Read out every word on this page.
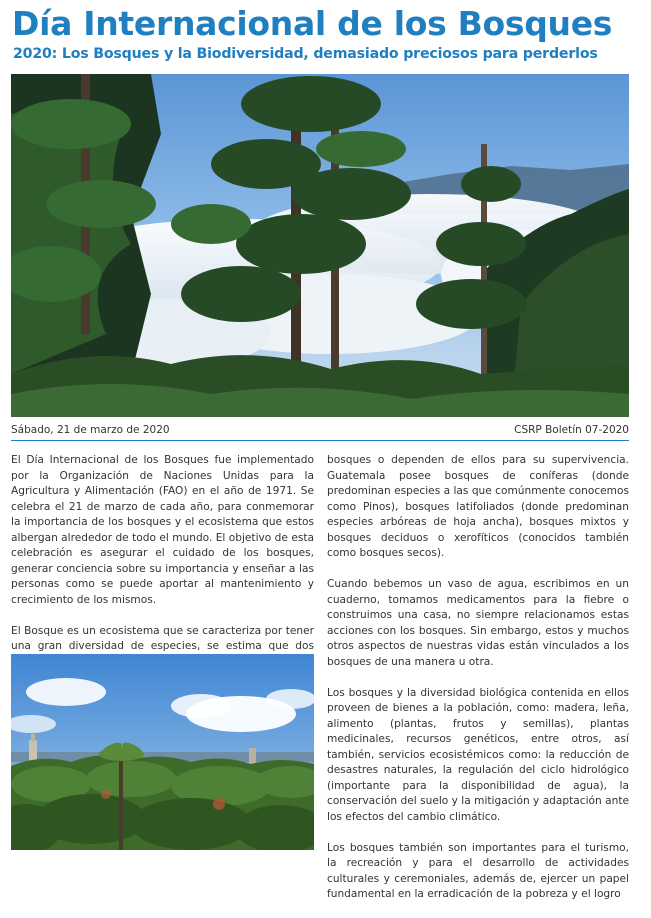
Día Internacional de los Bosques
2020: Los Bosques y la Biodiversidad, demasiado preciosos para perderlos
Sábado, 21 de marzo de 2020	CSRP Boletín 07-2020

El Día Internacional de los Bosques fue implementado por la Organización de Naciones Unidas para la Agricultura y Alimentación (FAO) en el año de 1971. Se celebra el 21 de marzo de cada año, para conmemorar la importancia de los bosques y el ecosistema que estos albergan alrededor de todo el mundo. El objetivo de esta celebración es asegurar el cuidado de los bosques, generar conciencia sobre su importancia y enseñar a las personas como se puede aportar al mantenimiento y crecimiento de los mismos.

El Bosque es un ecosistema que se caracteriza por tener una gran diversidad de especies, se estima que dos

bosques o dependen de ellos para su supervivencia. Guatemala posee bosques de coníferas (donde predominan especies a las que comúnmente conocemos como Pinos), bosques latifoliados (donde predominan especies arbóreas de hoja ancha), bosques mixtos y bosques deciduos o xerofíticos (conocidos también como bosques secos).

Cuando bebemos un vaso de agua, escribimos en un cuaderno, tomamos medicamentos para la fiebre o construimos una casa, no siempre relacionamos estas acciones con los bosques. Sin embargo, estos y muchos otros aspectos de nuestras vidas están vinculados a los bosques de una manera u otra.

Los bosques y la diversidad biológica contenida en ellos proveen de bienes a la población, como: madera, leña, alimento (plantas, frutos y semillas), plantas medicinales, recursos genéticos, entre otros, así también, servicios ecosistémicos como: la reducción de desastres naturales, la regulación del ciclo hidrológico (importante para la disponibilidad de agua), la conservación del suelo y la mitigación y adaptación ante los efectos del cambio climático.

Los bosques también son importantes para el turismo, la recreación y para el desarrollo de actividades culturales y ceremoniales, además de, ejercer un papel fundamental en la erradicación de la pobreza y el logro
